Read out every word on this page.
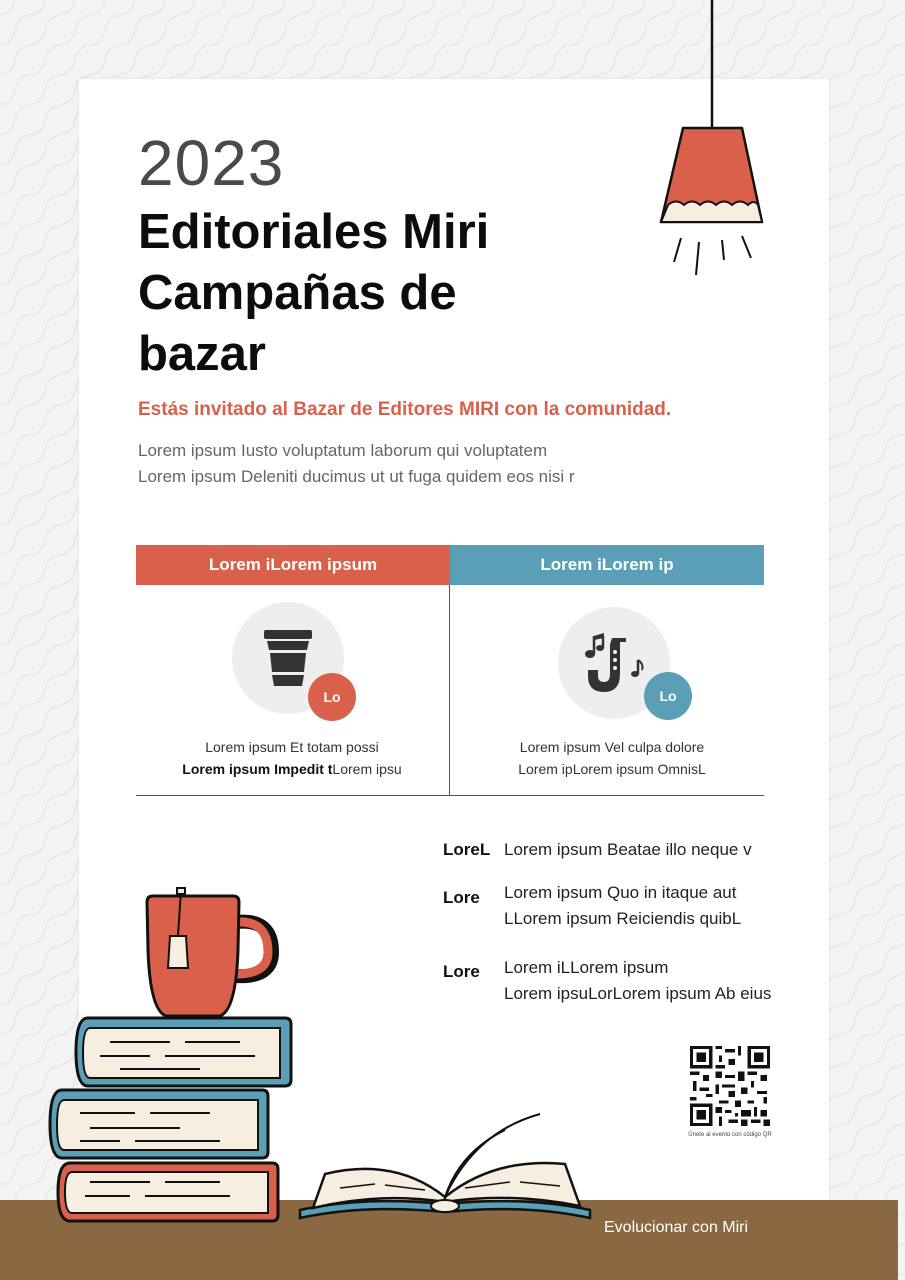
2023
Editoriales Miri
Campañas de
bazar
Estás invitado al Bazar de Editores MIRI con la comunidad.
Lorem ipsum Iusto voluptatum laborum qui voluptatem
Lorem ipsum Deleniti ducimus ut ut fuga quidem eos nisi r
Lorem iLorem ipsum	Lorem iLorem ip
Lo	Lo
Lorem ipsum Et totam possi
Lorem ipsum Impedit tLorem ipsu
Lorem ipsum Vel culpa dolore
Lorem ipLorem ipsum OmnisL
LoreL Lorem ipsum Beatae illo neque v
Lore Lorem ipsum Quo in itaque aut
LLorem ipsum Reiciendis quibL
Lore Lorem iLLorem ipsum
Lorem ipsuLorLorem ipsum Ab eius
Únete al evento con código QR
Evolucionar con Miri
